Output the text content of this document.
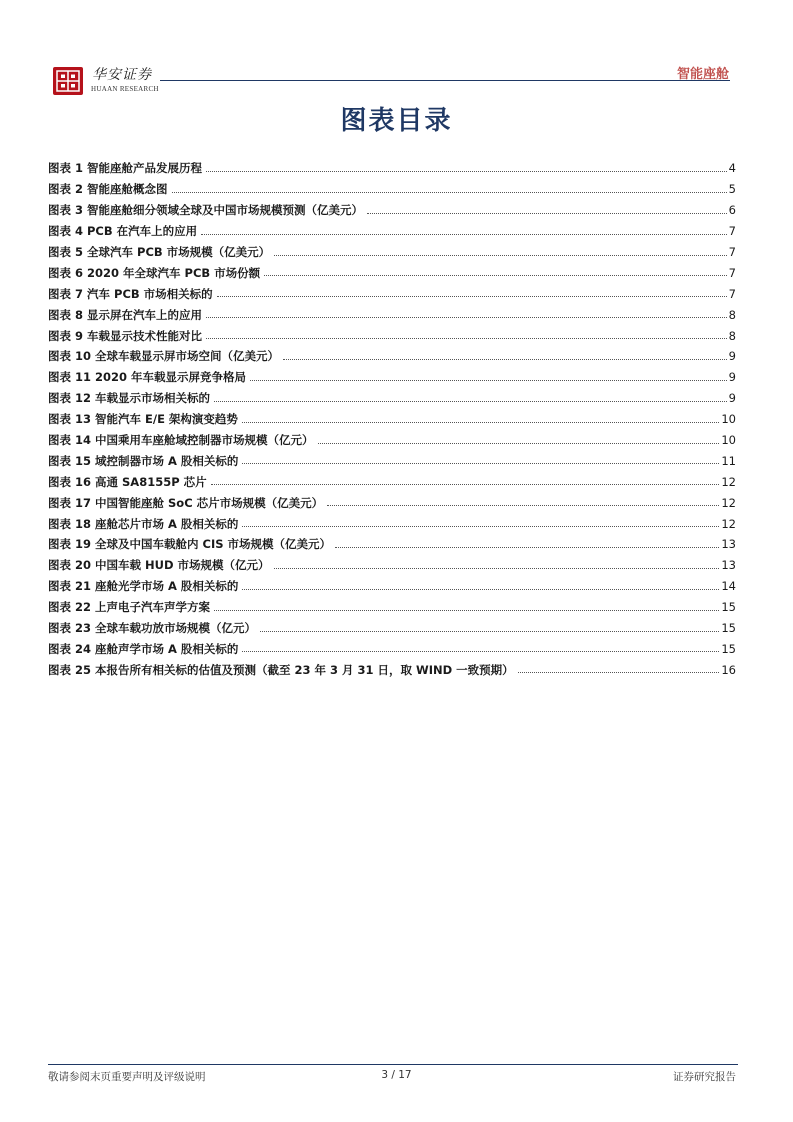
华安证券
HUAAN RESEARCH
智能座舱
图表目录
图表 1 智能座舱产品发展历程	4
图表 2 智能座舱概念图	5
图表 3 智能座舱细分领域全球及中国市场规模预测（亿美元）	6
图表 4 PCB 在汽车上的应用	7
图表 5 全球汽车 PCB 市场规模（亿美元）	7
图表 6 2020 年全球汽车 PCB 市场份额	7
图表 7 汽车 PCB 市场相关标的	7
图表 8 显示屏在汽车上的应用	8
图表 9 车载显示技术性能对比	8
图表 10 全球车载显示屏市场空间（亿美元）	9
图表 11 2020 年车载显示屏竞争格局	9
图表 12 车载显示市场相关标的	9
图表 13 智能汽车 E/E 架构演变趋势	10
图表 14 中国乘用车座舱域控制器市场规模（亿元）	10
图表 15 域控制器市场 A 股相关标的	11
图表 16 高通 SA8155P 芯片	12
图表 17 中国智能座舱 SoC 芯片市场规模（亿美元）	12
图表 18 座舱芯片市场 A 股相关标的	12
图表 19 全球及中国车载舱内 CIS 市场规模（亿美元）	13
图表 20 中国车载 HUD 市场规模（亿元）	13
图表 21 座舱光学市场 A 股相关标的	14
图表 22 上声电子汽车声学方案	15
图表 23 全球车载功放市场规模（亿元）	15
图表 24 座舱声学市场 A 股相关标的	15
图表 25 本报告所有相关标的估值及预测（截至 23 年 3 月 31 日，取 WIND 一致预期）	16
敬请参阅末页重要声明及评级说明	3 / 17	证券研究报告
